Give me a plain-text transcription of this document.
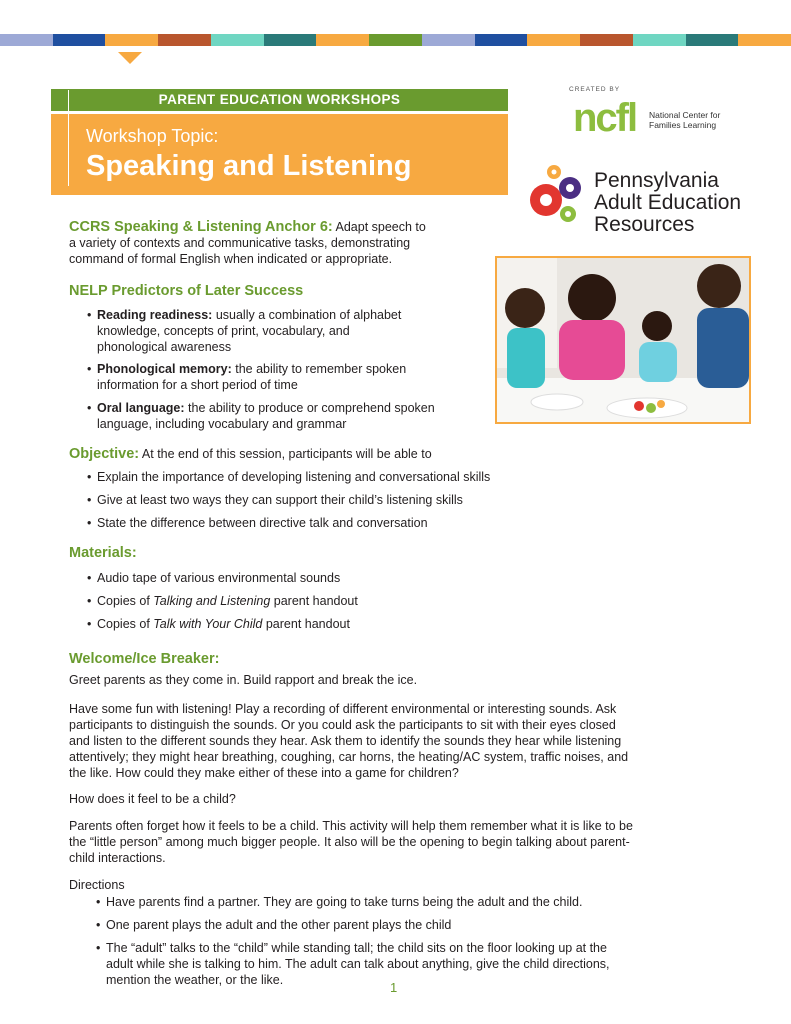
PARENT EDUCATION WORKSHOPS
Workshop Topic:
Speaking and Listening
CREATED BY
ncfl National Center for
Families Learning
Pennsylvania
Adult Education
Resources
CCRS Speaking & Listening Anchor 6: Adapt speech to
a variety of contexts and communicative tasks, demonstrating
command of formal English when indicated or appropriate.
NELP Predictors of Later Success
• Reading readiness: usually a combination of alphabet
knowledge, concepts of print, vocabulary, and
phonological awareness
• Phonological memory: the ability to remember spoken
information for a short period of time
• Oral language: the ability to produce or comprehend spoken
language, including vocabulary and grammar
Objective: At the end of this session, participants will be able to
• Explain the importance of developing listening and conversational skills
• Give at least two ways they can support their child’s listening skills
• State the difference between directive talk and conversation
Materials:
• Audio tape of various environmental sounds
• Copies of Talking and Listening parent handout
• Copies of Talk with Your Child parent handout
Welcome/Ice Breaker:
Greet parents as they come in. Build rapport and break the ice.
Have some fun with listening! Play a recording of different environmental or interesting sounds. Ask
participants to distinguish the sounds. Or you could ask the participants to sit with their eyes closed
and listen to the different sounds they hear. Ask them to identify the sounds they hear while listening
attentively; they might hear breathing, coughing, car horns, the heating/AC system, traffic noises, and
the like. How could they make either of these into a game for children?
How does it feel to be a child?
Parents often forget how it feels to be a child. This activity will help them remember what it is like to be
the “little person” among much bigger people. It also will be the opening to begin talking about parent-
child interactions.
Directions
• Have parents find a partner. They are going to take turns being the adult and the child.
• One parent plays the adult and the other parent plays the child
• The “adult” talks to the “child” while standing tall; the child sits on the floor looking up at the
adult while she is talking to him. The adult can talk about anything, give the child directions,
mention the weather, or the like.	1
